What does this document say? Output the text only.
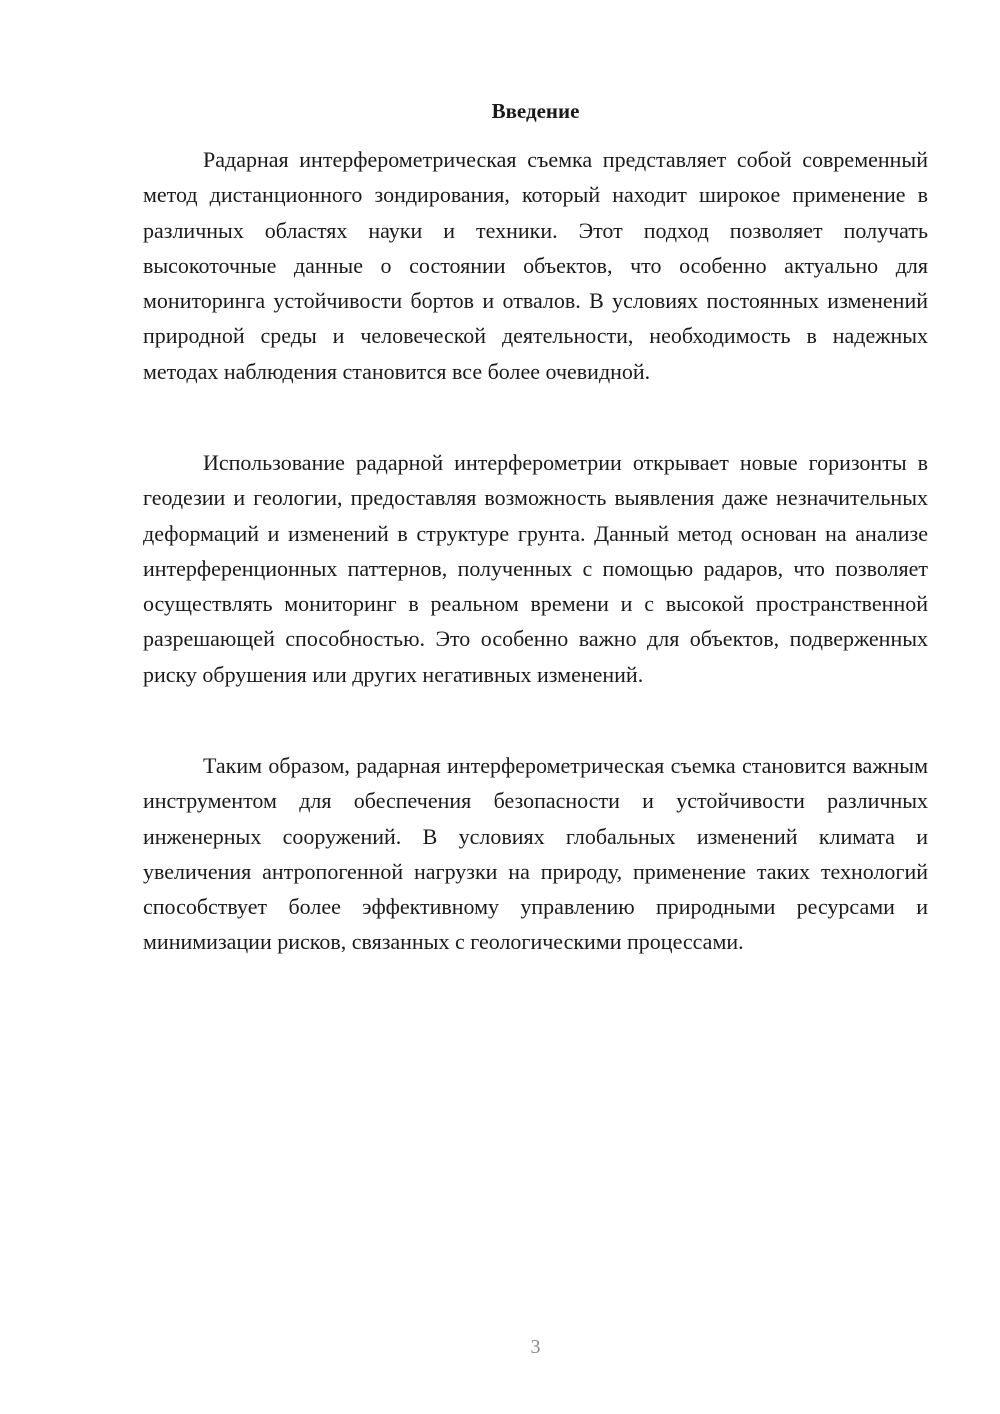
Введение

Радарная интерферометрическая съемка представляет собой современный метод дистанционного зондирования, который находит широкое применение в различных областях науки и техники. Этот подход позволяет получать высокоточные данные о состоянии объектов, что особенно актуально для мониторинга устойчивости бортов и отвалов. В условиях постоянных изменений природной среды и человеческой деятельности, необходимость в надежных методах наблюдения становится все более очевидной.

Использование радарной интерферометрии открывает новые горизонты в геодезии и геологии, предоставляя возможность выявления даже незначительных деформаций и изменений в структуре грунта. Данный метод основан на анализе интерференционных паттернов, полученных с помощью радаров, что позволяет осуществлять мониторинг в реальном времени и с высокой пространственной разрешающей способностью. Это особенно важно для объектов, подверженных риску обрушения или других негативных изменений.

Таким образом, радарная интерферометрическая съемка становится важным инструментом для обеспечения безопасности и устойчивости различных инженерных сооружений. В условиях глобальных изменений климата и увеличения антропогенной нагрузки на природу, применение таких технологий способствует более эффективному управлению природными ресурсами и минимизации рисков, связанных с геологическими процессами.

3
